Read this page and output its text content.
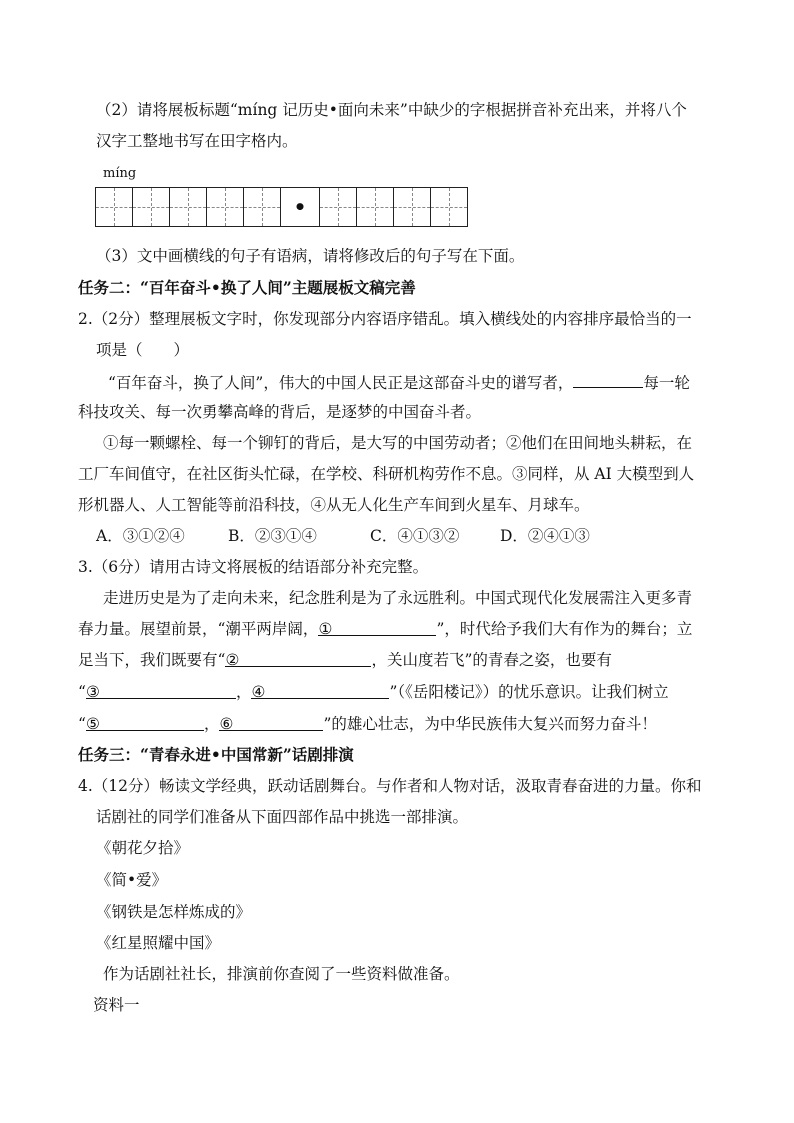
（2）请将展板标题“míng 记历史•面向未来”中缺少的字根据拼音补充出来，并将八个
汉字工整地书写在田字格内。
míng
•
（3）文中画横线的句子有语病，请将修改后的句子写在下面。
任务二：“百年奋斗•换了人间”主题展板文稿完善
2.（2分）整理展板文字时，你发现部分内容语序错乱。填入横线处的内容排序最恰当的一
项是（　　）
“百年奋斗，换了人间”，伟大的中国人民正是这部奋斗史的谱写者，	每一轮
科技攻关、每一次勇攀高峰的背后，是逐梦的中国奋斗者。
①每一颗螺栓、每一个铆钉的背后，是大写的中国劳动者；②他们在田间地头耕耘，在
工厂车间值守，在社区街头忙碌，在学校、科研机构劳作不息。③同样，从 AI 大模型到人
形机器人、人工智能等前沿科技，④从无人化生产车间到火星车、月球车。
A．③①②④	B．②③①④	C．④①③②	D．②④①③
3.（6分）请用古诗文将展板的结语部分补充完整。
走进历史是为了走向未来，纪念胜利是为了永远胜利。中国式现代化发展需注入更多青
春力量。展望前景，“潮平两岸阔，①	”，时代给予我们大有作为的舞台；立
足当下，我们既要有“②	，关山度若飞”的青春之姿，也要有
“③	，④	”（《岳阳楼记》）的忧乐意识。让我们树立
“⑤	，⑥	”的雄心壮志，为中华民族伟大复兴而努力奋斗！
任务三：“青春永进•中国常新”话剧排演
4.（12分）畅读文学经典，跃动话剧舞台。与作者和人物对话，汲取青春奋进的力量。你和
话剧社的同学们准备从下面四部作品中挑选一部排演。
《朝花夕拾》
《简•爱》
《钢铁是怎样炼成的》
《红星照耀中国》
作为话剧社社长，排演前你查阅了一些资料做准备。
资料一
